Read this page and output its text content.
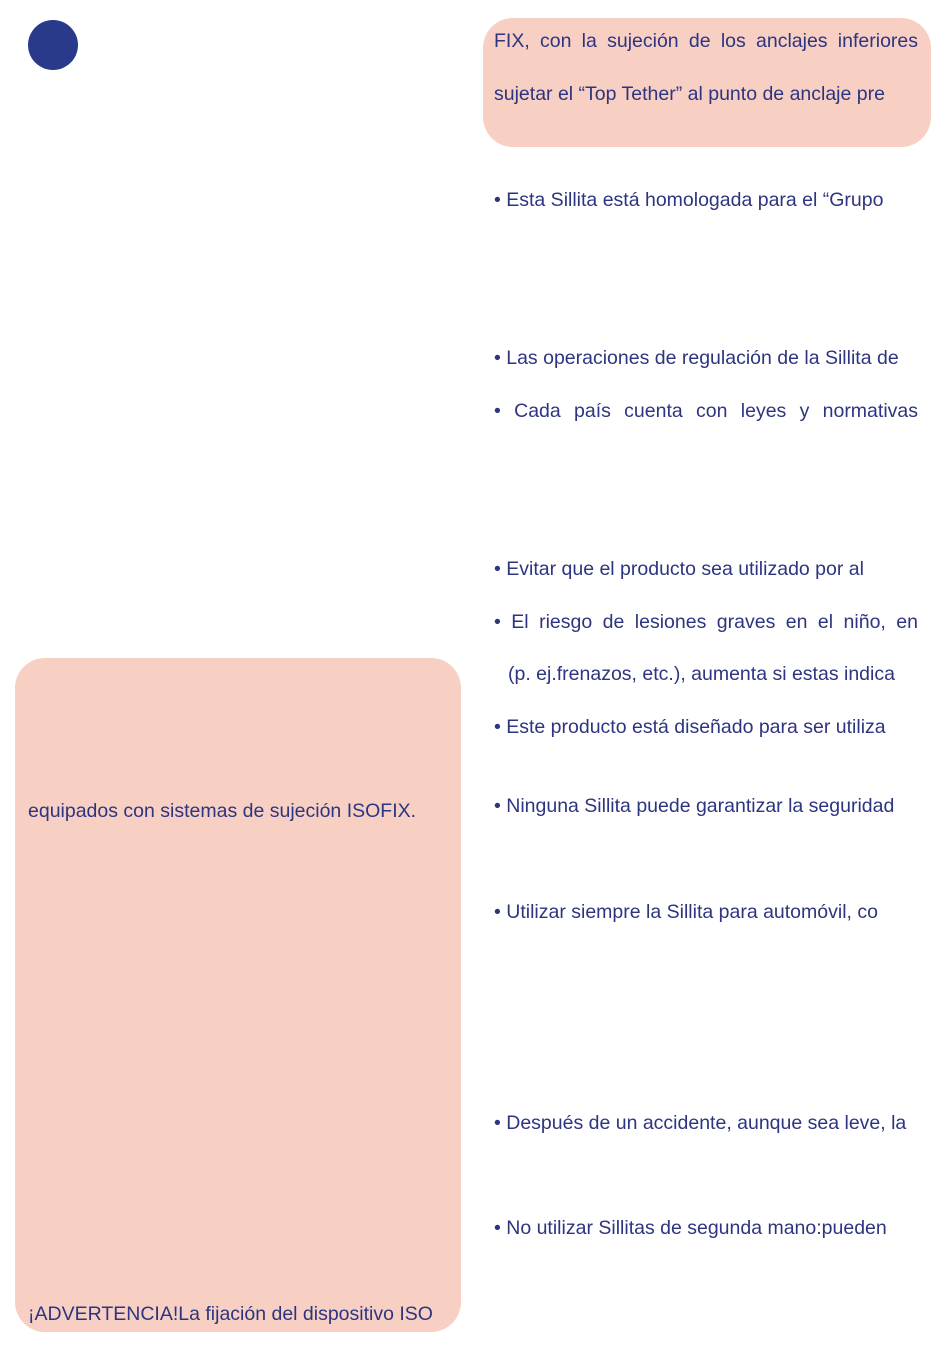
FIX, con la sujeción de los anclajes inferiores
sujetar el “Top Tether” al punto de anclaje pre
• Esta Sillita está homologada para el “Grupo
• Las operaciones de regulación de la Sillita de
• Cada país cuenta con leyes y normativas
• Evitar que el producto sea utilizado por al
• El riesgo de lesiones graves en el niño, en
(p. ej.frenazos, etc.), aumenta si estas indica
• Este producto está diseñado para ser utiliza
• Ninguna Sillita puede garantizar la seguridad
• Utilizar siempre la Sillita para automóvil, co
• Después de un accidente, aunque sea leve, la
• No utilizar Sillitas de segunda mano:pueden
equipados con sistemas de sujeción ISOFIX.
¡ADVERTENCIA!La fijación del dispositivo ISO
